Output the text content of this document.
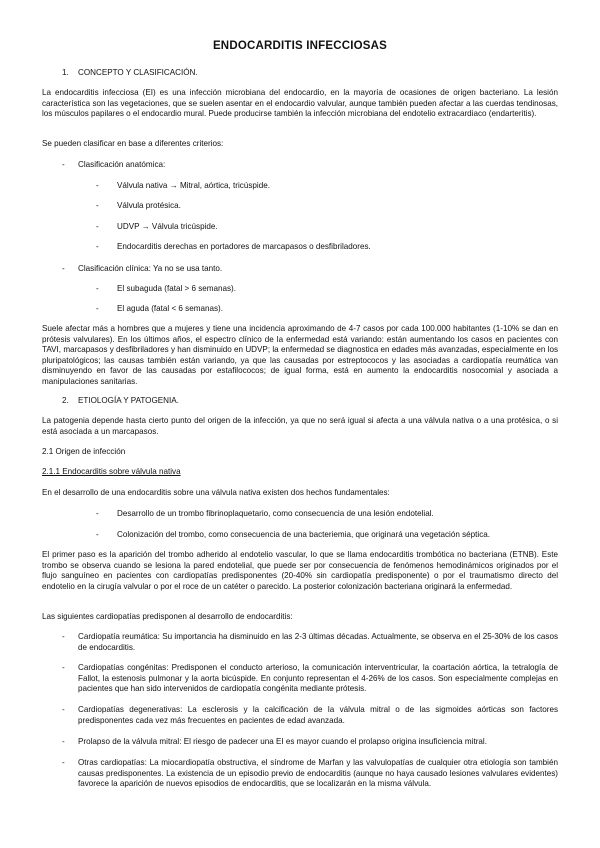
ENDOCARDITIS INFECCIOSAS
1. CONCEPTO Y CLASIFICACIÓN.
La endocarditis infecciosa (EI) es una infección microbiana del endocardio, en la mayoría de ocasiones de origen bacteriano. La lesión característica son las vegetaciones, que se suelen asentar en el endocardio valvular, aunque también pueden afectar a las cuerdas tendinosas, los músculos papilares o el endocardio mural. Puede producirse también la infección microbiana del endotelio extracardiaco (endarteritis).
Se pueden clasificar en base a diferentes criterios:
- Clasificación anatómica:
- Válvula nativa → Mitral, aórtica, tricúspide.
- Válvula protésica.
- UDVP → Válvula tricúspide.
- Endocarditis derechas en portadores de marcapasos o desfibriladores.
- Clasificación clínica: Ya no se usa tanto.
- El subaguda (fatal > 6 semanas).
- El aguda (fatal < 6 semanas).
Suele afectar más a hombres que a mujeres y tiene una incidencia aproximando de 4-7 casos por cada 100.000 habitantes (1-10% se dan en prótesis valvulares). En los últimos años, el espectro clínico de la enfermedad está variando: están aumentando los casos en pacientes con TAVI, marcapasos y desfibriladores y han disminuido en UDVP; la enfermedad se diagnostica en edades más avanzadas, especialmente en los pluripatológicos; las causas también están variando, ya que las causadas por estreptococos y las asociadas a cardiopatía reumática van disminuyendo en favor de las causadas por estafilococos; de igual forma, está en aumento la endocarditis nosocomial y asociada a manipulaciones sanitarias.
2. ETIOLOGÍA Y PATOGENIA.
La patogenia depende hasta cierto punto del origen de la infección, ya que no será igual si afecta a una válvula nativa o a una protésica, o si está asociada a un marcapasos.
2.1 Origen de infección
2.1.1 Endocarditis sobre válvula nativa
En el desarrollo de una endocarditis sobre una válvula nativa existen dos hechos fundamentales:
- Desarrollo de un trombo fibrinoplaquetario, como consecuencia de una lesión endotelial.
- Colonización del trombo, como consecuencia de una bacteriemia, que originará una vegetación séptica.
El primer paso es la aparición del trombo adherido al endotelio vascular, lo que se llama endocarditis trombótica no bacteriana (ETNB). Este trombo se observa cuando se lesiona la pared endotelial, que puede ser por consecuencia de fenómenos hemodinámicos originados por el flujo sanguíneo en pacientes con cardiopatías predisponentes (20-40% sin cardiopatía predisponente) o por el traumatismo directo del endotelio en la cirugía valvular o por el roce de un catéter o parecido. La posterior colonización bacteriana originará la enfermedad.
Las siguientes cardiopatías predisponen al desarrollo de endocarditis:
- Cardiopatía reumática: Su importancia ha disminuido en las 2-3 últimas décadas. Actualmente, se observa en el 25-30% de los casos de endocarditis.
- Cardiopatías congénitas: Predisponen el conducto arterioso, la comunicación interventricular, la coartación aórtica, la tetralogía de Fallot, la estenosis pulmonar y la aorta bicúspide. En conjunto representan el 4-26% de los casos. Son especialmente complejas en pacientes que han sido intervenidos de cardiopatía congénita mediante prótesis.
- Cardiopatías degenerativas: La esclerosis y la calcificación de la válvula mitral o de las sigmoides aórticas son factores predisponentes cada vez más frecuentes en pacientes de edad avanzada.
- Prolapso de la válvula mitral: El riesgo de padecer una EI es mayor cuando el prolapso origina insuficiencia mitral.
- Otras cardiopatías: La miocardiopatía obstructiva, el síndrome de Marfan y las valvulopatías de cualquier otra etiología son también causas predisponentes. La existencia de un episodio previo de endocarditis (aunque no haya causado lesiones valvulares evidentes) favorece la aparición de nuevos episodios de endocarditis, que se localizarán en la misma válvula.
